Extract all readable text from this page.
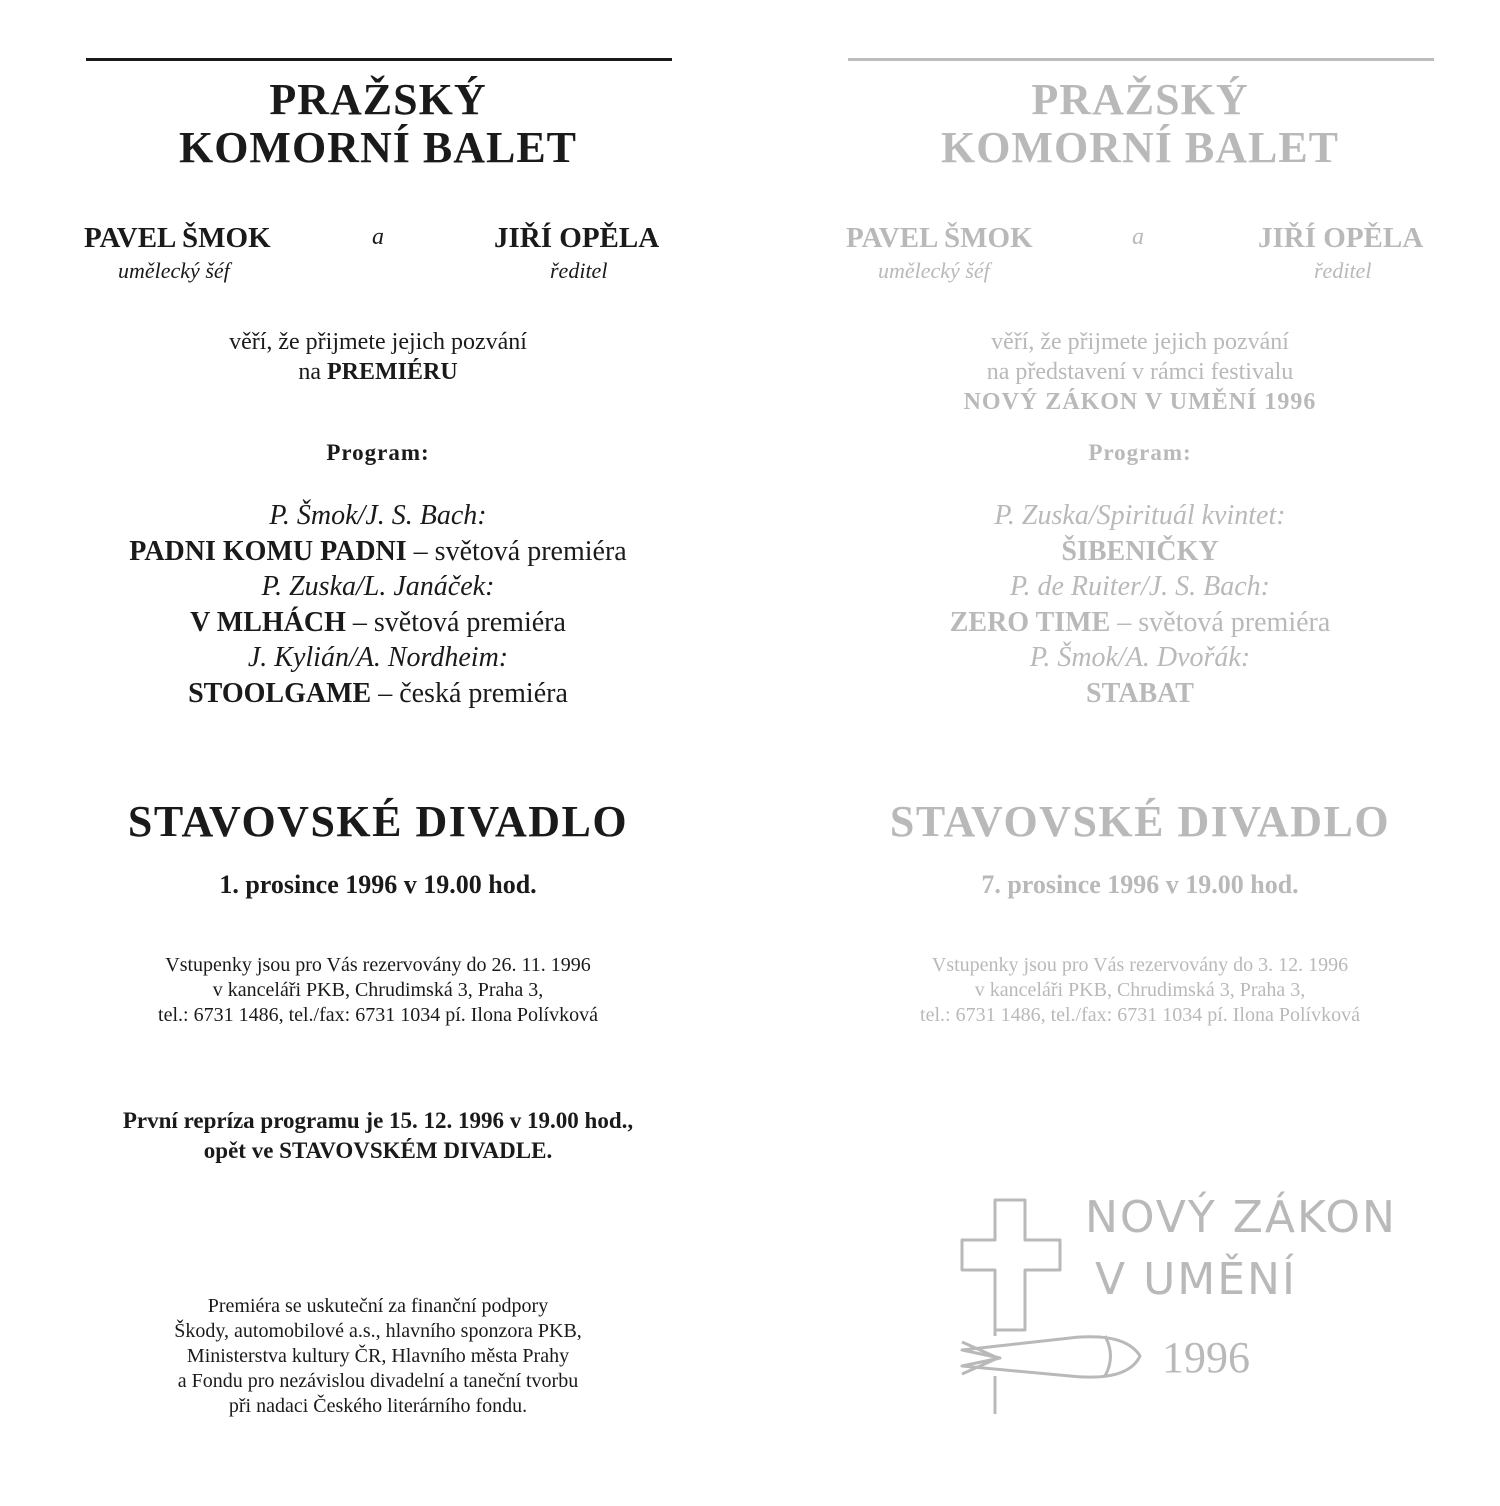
PRAŽSKÝ
KOMORNÍ BALET
PAVEL ŠMOK
umělecký šéf
a	JIŘÍ OPĚLA
ředitel
věří, že přijmete jejich pozvání
na PREMIÉRU
Program:
P. Šmok/J. S. Bach:
PADNI KOMU PADNI – světová premiéra
P. Zuska/L. Janáček:
V MLHÁCH – světová premiéra
J. Kylián/A. Nordheim:
STOOLGAME – česká premiéra
STAVOVSKÉ DIVADLO
1. prosince 1996 v 19.00 hod.
Vstupenky jsou pro Vás rezervovány do 26. 11. 1996
v kanceláři PKB, Chrudimská 3, Praha 3,
tel.: 6731 1486, tel./fax: 6731 1034 pí. Ilona Polívková
První repríza programu je 15. 12. 1996 v 19.00 hod.,
opět ve STAVOVSKÉM DIVADLE.
Premiéra se uskuteční za finanční podpory
Škody, automobilové a.s., hlavního sponzora PKB,
Ministerstva kultury ČR, Hlavního města Prahy
a Fondu pro nezávislou divadelní a taneční tvorbu
při nadaci Českého literárního fondu.
PRAŽSKÝ
KOMORNÍ BALET
PAVEL ŠMOK
umělecký šéf
a	JIŘÍ OPĚLA
ředitel
věří, že přijmete jejich pozvání
na představení v rámci festivalu
NOVÝ ZÁKON V UMĚNÍ 1996
Program:
P. Zuska/Spirituál kvintet:
ŠIBENIČKY
P. de Ruiter/J. S. Bach:
ZERO TIME – světová premiéra
P. Šmok/A. Dvořák:
STABAT
STAVOVSKÉ DIVADLO
7. prosince 1996 v 19.00 hod.
Vstupenky jsou pro Vás rezervovány do 3. 12. 1996
v kanceláři PKB, Chrudimská 3, Praha 3,
tel.: 6731 1486, tel./fax: 6731 1034 pí. Ilona Polívková
NOVÝ ZÁKON
V UMĚNÍ
1996
